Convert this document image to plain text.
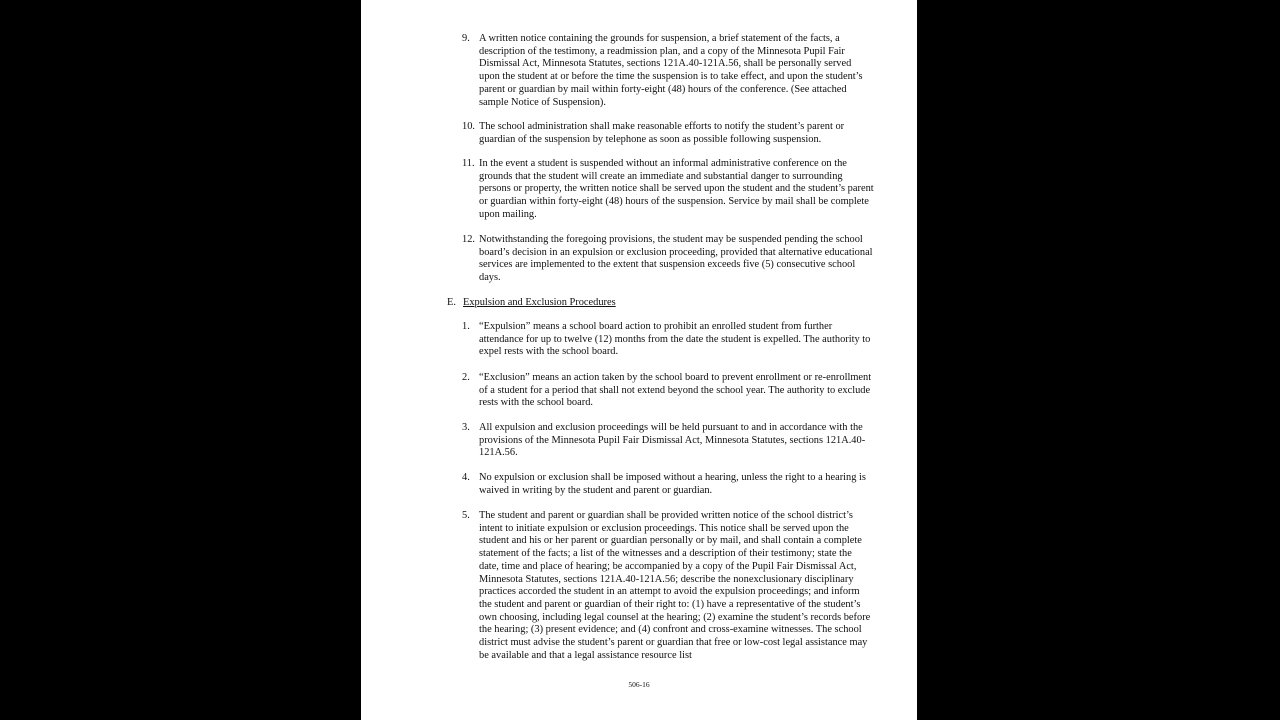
9. A written notice containing the grounds for suspension, a brief statement of the facts, a description of the testimony, a readmission plan, and a copy of the Minnesota Pupil Fair Dismissal Act, Minnesota Statutes, sections 121A.40-121A.56, shall be personally served upon the student at or before the time the suspension is to take effect, and upon the student’s parent or guardian by mail within forty-eight (48) hours of the conference. (See attached sample Notice of Suspension).
10. The school administration shall make reasonable efforts to notify the student’s parent or guardian of the suspension by telephone as soon as possible following suspension.
11. In the event a student is suspended without an informal administrative conference on the grounds that the student will create an immediate and substantial danger to surrounding persons or property, the written notice shall be served upon the student and the student’s parent or guardian within forty-eight (48) hours of the suspension. Service by mail shall be complete upon mailing.
12. Notwithstanding the foregoing provisions, the student may be suspended pending the school board’s decision in an expulsion or exclusion proceeding, provided that alternative educational services are implemented to the extent that suspension exceeds five (5) consecutive school days.
E. Expulsion and Exclusion Procedures
1. “Expulsion” means a school board action to prohibit an enrolled student from further attendance for up to twelve (12) months from the date the student is expelled. The authority to expel rests with the school board.
2. “Exclusion” means an action taken by the school board to prevent enrollment or re-enrollment of a student for a period that shall not extend beyond the school year. The authority to exclude rests with the school board.
3. All expulsion and exclusion proceedings will be held pursuant to and in accordance with the provisions of the Minnesota Pupil Fair Dismissal Act, Minnesota Statutes, sections 121A.40-121A.56.
4. No expulsion or exclusion shall be imposed without a hearing, unless the right to a hearing is waived in writing by the student and parent or guardian.
5. The student and parent or guardian shall be provided written notice of the school district’s intent to initiate expulsion or exclusion proceedings. This notice shall be served upon the student and his or her parent or guardian personally or by mail, and shall contain a complete statement of the facts; a list of the witnesses and a description of their testimony; state the date, time and place of hearing; be accompanied by a copy of the Pupil Fair Dismissal Act, Minnesota Statutes, sections 121A.40-121A.56; describe the nonexclusionary disciplinary practices accorded the student in an attempt to avoid the expulsion proceedings; and inform the student and parent or guardian of their right to: (1) have a representative of the student’s own choosing, including legal counsel at the hearing; (2) examine the student’s records before the hearing; (3) present evidence; and (4) confront and cross-examine witnesses. The school district must advise the student’s parent or guardian that free or low-cost legal assistance may be available and that a legal assistance resource list
506-16
